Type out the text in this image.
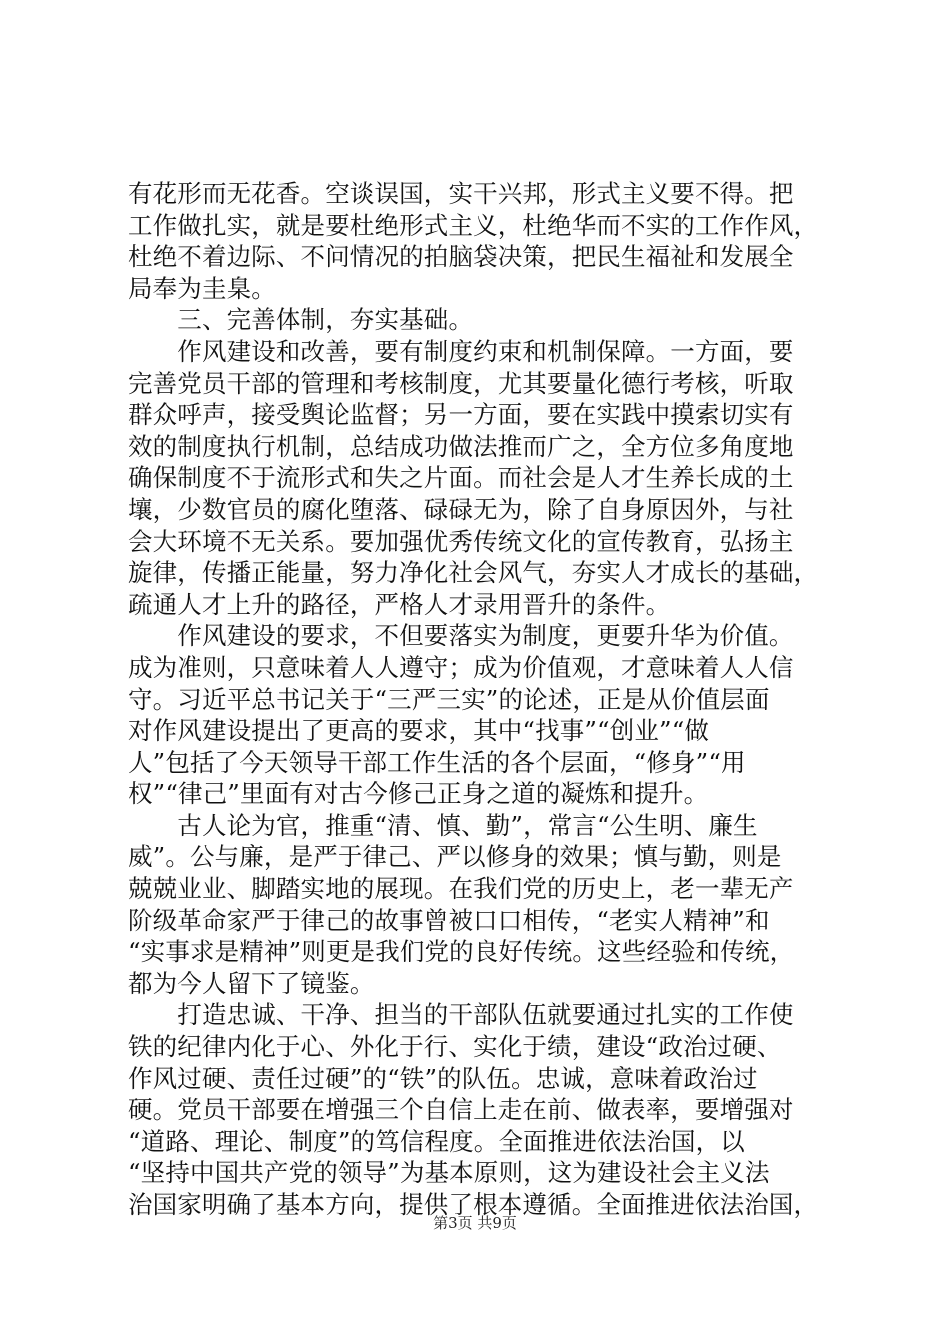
有花形而无花香。空谈误国，实干兴邦，形式主义要不得。把
工作做扎实，就是要杜绝形式主义，杜绝华而不实的工作作风，
杜绝不着边际、不问情况的拍脑袋决策，把民生福祉和发展全
局奉为圭臬。
　　三、完善体制，夯实基础。
　　作风建设和改善，要有制度约束和机制保障。一方面，要
完善党员干部的管理和考核制度，尤其要量化德行考核，听取
群众呼声，接受舆论监督；另一方面，要在实践中摸索切实有
效的制度执行机制，总结成功做法推而广之，全方位多角度地
确保制度不于流形式和失之片面。而社会是人才生养长成的土
壤，少数官员的腐化堕落、碌碌无为，除了自身原因外，与社
会大环境不无关系。要加强优秀传统文化的宣传教育，弘扬主
旋律，传播正能量，努力净化社会风气，夯实人才成长的基础，
疏通人才上升的路径，严格人才录用晋升的条件。
　　作风建设的要求，不但要落实为制度，更要升华为价值。
成为准则，只意味着人人遵守；成为价值观，才意味着人人信
守。习近平总书记关于“三严三实”的论述，正是从价值层面
对作风建设提出了更高的要求，其中“找事”“创业”“做
人”包括了今天领导干部工作生活的各个层面，“修身”“用
权”“律己”里面有对古今修己正身之道的凝炼和提升。
　　古人论为官，推重“清、慎、勤”，常言“公生明、廉生
威”。公与廉，是严于律己、严以修身的效果；慎与勤，则是
兢兢业业、脚踏实地的展现。在我们党的历史上，老一辈无产
阶级革命家严于律己的故事曾被口口相传，“老实人精神”和
“实事求是精神”则更是我们党的良好传统。这些经验和传统，
都为今人留下了镜鉴。
　　打造忠诚、干净、担当的干部队伍就要通过扎实的工作使
铁的纪律内化于心、外化于行、实化于绩，建设“政治过硬、
作风过硬、责任过硬”的“铁”的队伍。忠诚，意味着政治过
硬。党员干部要在增强三个自信上走在前、做表率，要增强对
“道路、理论、制度”的笃信程度。全面推进依法治国，以
“坚持中国共产党的领导”为基本原则，这为建设社会主义法
治国家明确了基本方向，提供了根本遵循。全面推进依法治国，
第3页 共9页
